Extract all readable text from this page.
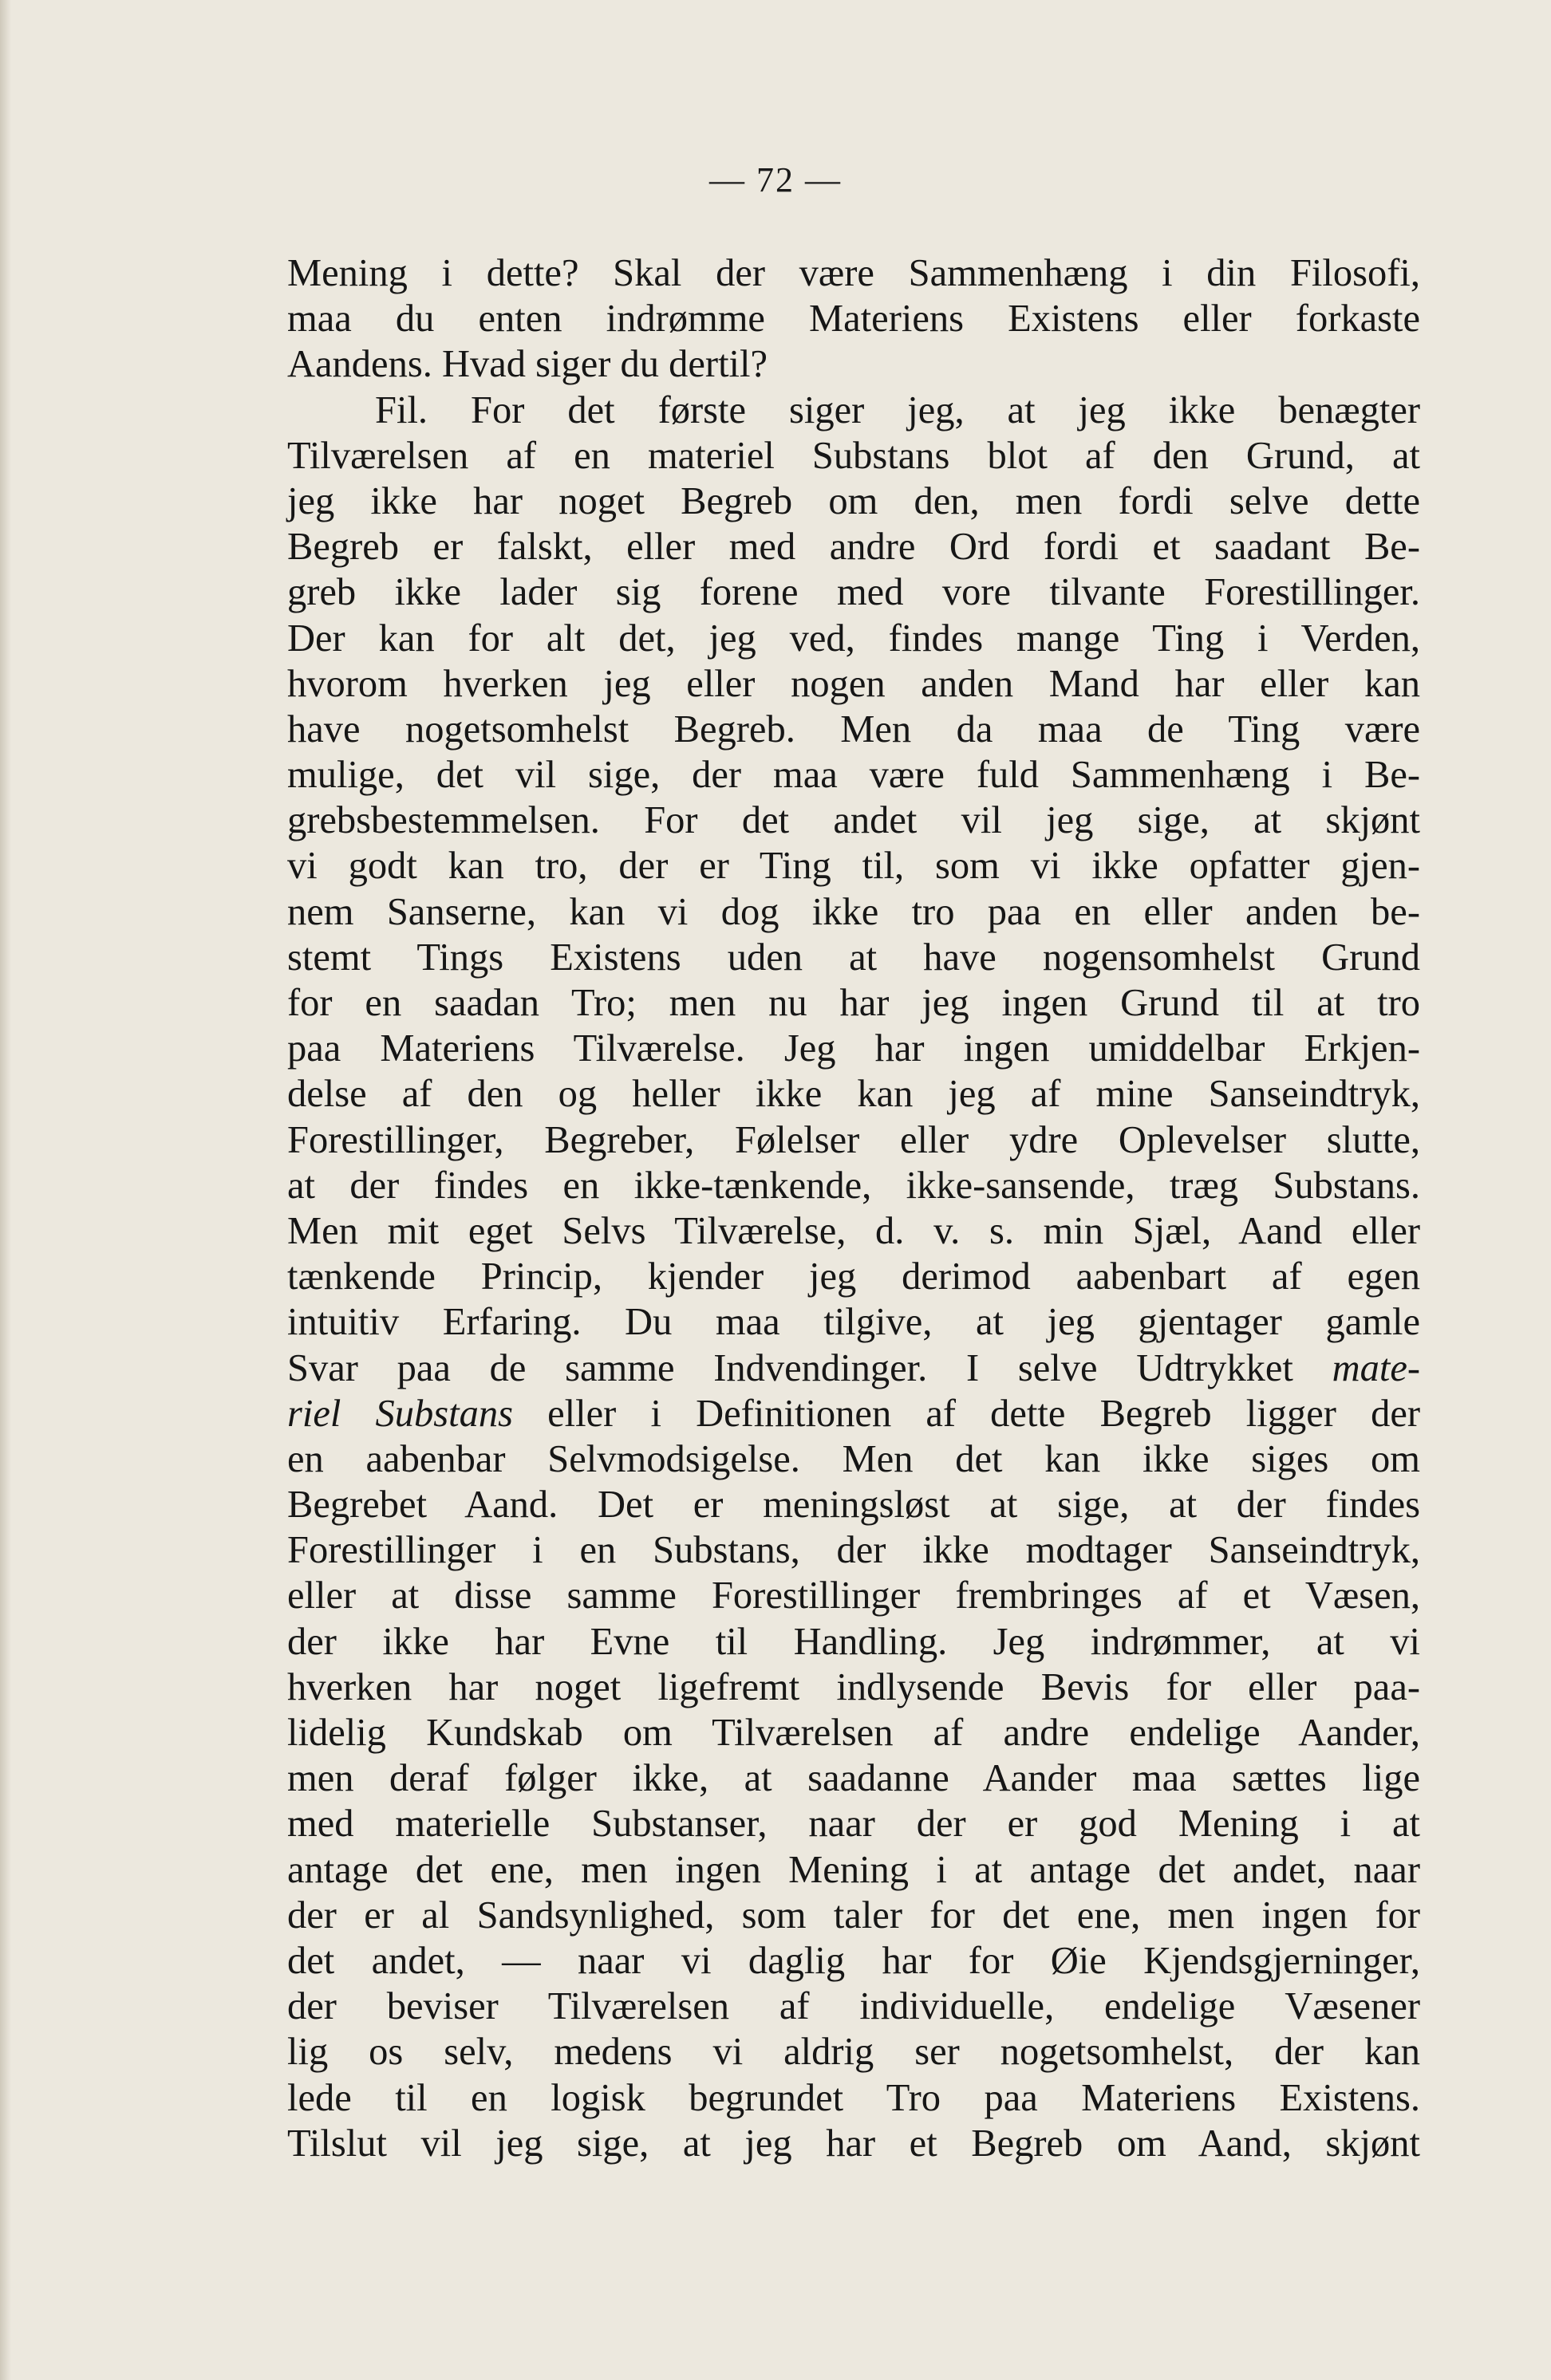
— 72 —
Mening i dette? Skal der være Sammenhæng i din Filosofi,
maa du enten indrømme Materiens Existens eller forkaste
Aandens. Hvad siger du dertil?
Fil. For det første siger jeg, at jeg ikke benægter
Tilværelsen af en materiel Substans blot af den Grund, at
jeg ikke har noget Begreb om den, men fordi selve dette
Begreb er falskt, eller med andre Ord fordi et saadant Be-
greb ikke lader sig forene med vore tilvante Forestillinger.
Der kan for alt det, jeg ved, findes mange Ting i Verden,
hvorom hverken jeg eller nogen anden Mand har eller kan
have nogetsomhelst Begreb. Men da maa de Ting være
mulige, det vil sige, der maa være fuld Sammenhæng i Be-
grebsbestemmelsen. For det andet vil jeg sige, at skjønt
vi godt kan tro, der er Ting til, som vi ikke opfatter gjen-
nem Sanserne, kan vi dog ikke tro paa en eller anden be-
stemt Tings Existens uden at have nogensomhelst Grund
for en saadan Tro; men nu har jeg ingen Grund til at tro
paa Materiens Tilværelse. Jeg har ingen umiddelbar Erkjen-
delse af den og heller ikke kan jeg af mine Sanseindtryk,
Forestillinger, Begreber, Følelser eller ydre Oplevelser slutte,
at der findes en ikke-tænkende, ikke-sansende, træg Substans.
Men mit eget Selvs Tilværelse, d. v. s. min Sjæl, Aand eller
tænkende Princip, kjender jeg derimod aabenbart af egen
intuitiv Erfaring. Du maa tilgive, at jeg gjentager gamle
Svar paa de samme Indvendinger. I selve Udtrykket mate-
riel Substans eller i Definitionen af dette Begreb ligger der
en aabenbar Selvmodsigelse. Men det kan ikke siges om
Begrebet Aand. Det er meningsløst at sige, at der findes
Forestillinger i en Substans, der ikke modtager Sanseindtryk,
eller at disse samme Forestillinger frembringes af et Væsen,
der ikke har Evne til Handling. Jeg indrømmer, at vi
hverken har noget ligefremt indlysende Bevis for eller paa-
lidelig Kundskab om Tilværelsen af andre endelige Aander,
men deraf følger ikke, at saadanne Aander maa sættes lige
med materielle Substanser, naar der er god Mening i at
antage det ene, men ingen Mening i at antage det andet, naar
der er al Sandsynlighed, som taler for det ene, men ingen for
det andet, — naar vi daglig har for Øie Kjendsgjerninger,
der beviser Tilværelsen af individuelle, endelige Væsener
lig os selv, medens vi aldrig ser nogetsomhelst, der kan
lede til en logisk begrundet Tro paa Materiens Existens.
Tilslut vil jeg sige, at jeg har et Begreb om Aand, skjønt
